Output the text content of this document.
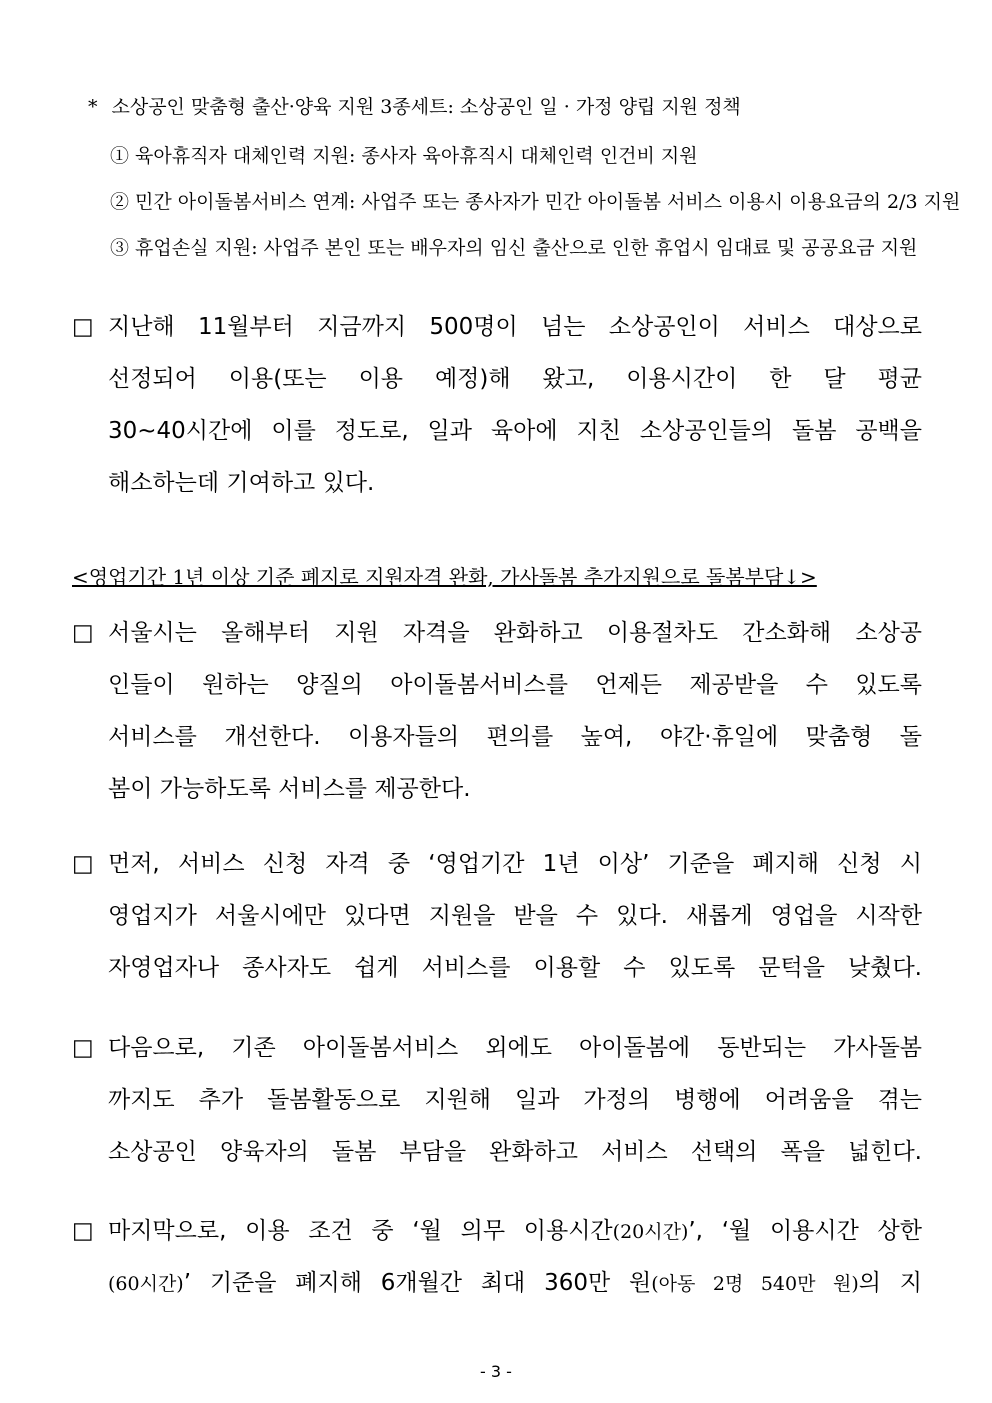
* 소상공인 맞춤형 출산·양육 지원 3종세트: 소상공인 일 · 가정 양립 지원 정책
① 육아휴직자 대체인력 지원: 종사자 육아휴직시 대체인력 인건비 지원
② 민간 아이돌봄서비스 연계: 사업주 또는 종사자가 민간 아이돌봄 서비스 이용시 이용요금의 2/3 지원
③ 휴업손실 지원: 사업주 본인 또는 배우자의 임신 출산으로 인한 휴업시 임대료 및 공공요금 지원
□ 지난해 11월부터 지금까지 500명이 넘는 소상공인이 서비스 대상으로
선정되어 이용(또는 이용 예정)해 왔고, 이용시간이 한 달 평균
30~40시간에 이를 정도로, 일과 육아에 지친 소상공인들의 돌봄 공백을
해소하는데 기여하고 있다.
<영업기간 1년 이상 기준 폐지로 지원자격 완화, 가사돌봄 추가지원으로 돌봄부담↓>
□ 서울시는 올해부터 지원 자격을 완화하고 이용절차도 간소화해 소상공
인들이 원하는 양질의 아이돌봄서비스를 언제든 제공받을 수 있도록
서비스를 개선한다. 이용자들의 편의를 높여, 야간·휴일에 맞춤형 돌
봄이 가능하도록 서비스를 제공한다.
□ 먼저, 서비스 신청 자격 중 ‘영업기간 1년 이상’ 기준을 폐지해 신청 시
영업지가 서울시에만 있다면 지원을 받을 수 있다. 새롭게 영업을 시작한
자영업자나 종사자도 쉽게 서비스를 이용할 수 있도록 문턱을 낮췄다.
□ 다음으로, 기존 아이돌봄서비스 외에도 아이돌봄에 동반되는 가사돌봄
까지도 추가 돌봄활동으로 지원해 일과 가정의 병행에 어려움을 겪는
소상공인 양육자의 돌봄 부담을 완화하고 서비스 선택의 폭을 넓힌다.
□ 마지막으로, 이용 조건 중 ‘월 의무 이용시간(20시간)’, ‘월 이용시간 상한
(60시간)’ 기준을 폐지해 6개월간 최대 360만 원(아동 2명 540만 원)의 지
- 3 -
